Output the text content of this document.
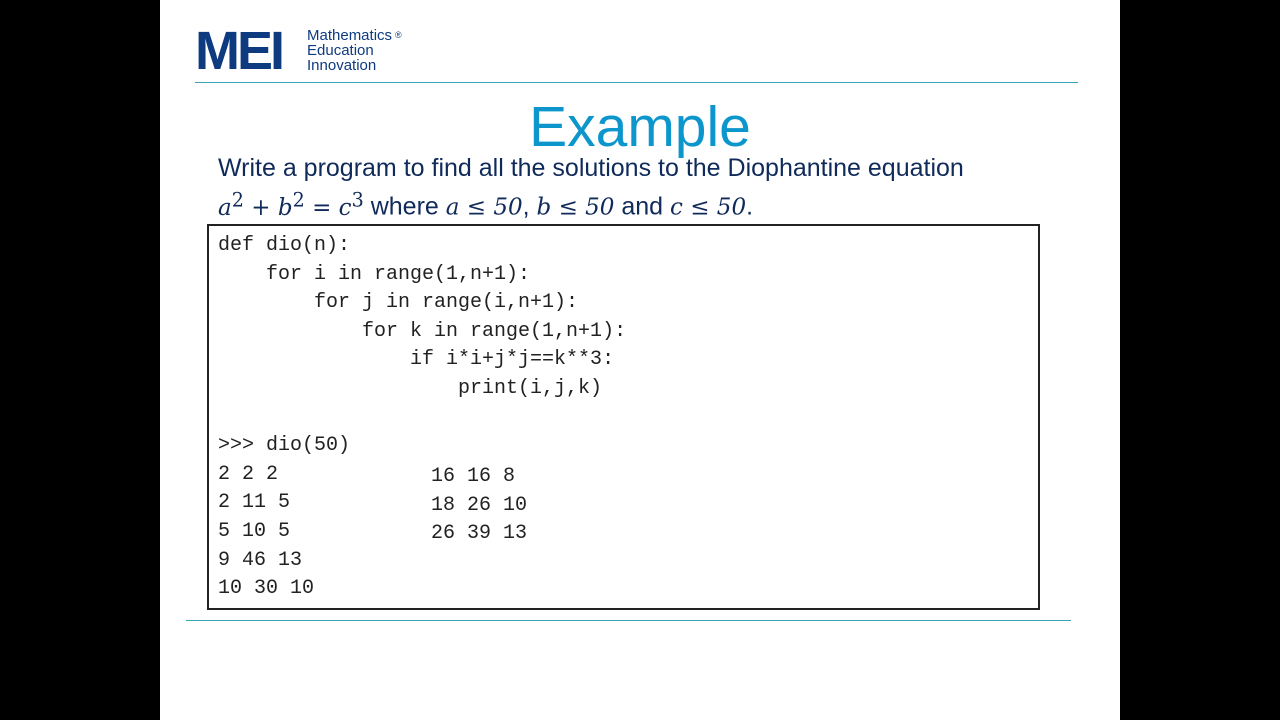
MEI Mathematics ®
Education
Innovation
Example
Write a program to find all the solutions to the Diophantine equation
$a^2 + b^2 = c^3$ where a ≤ 50, b ≤ 50 and c ≤ 50.
def dio(n):
for i in range(1,n+1):
for j in range(i,n+1):
for k in range(1,n+1):
if i*i+j*j==k**3:
print(i,j,k)

>>> dio(50)
2 2 2
2 11 5
5 10 5
9 46 13
10 30 10
16 16 8
18 26 10
26 39 13
